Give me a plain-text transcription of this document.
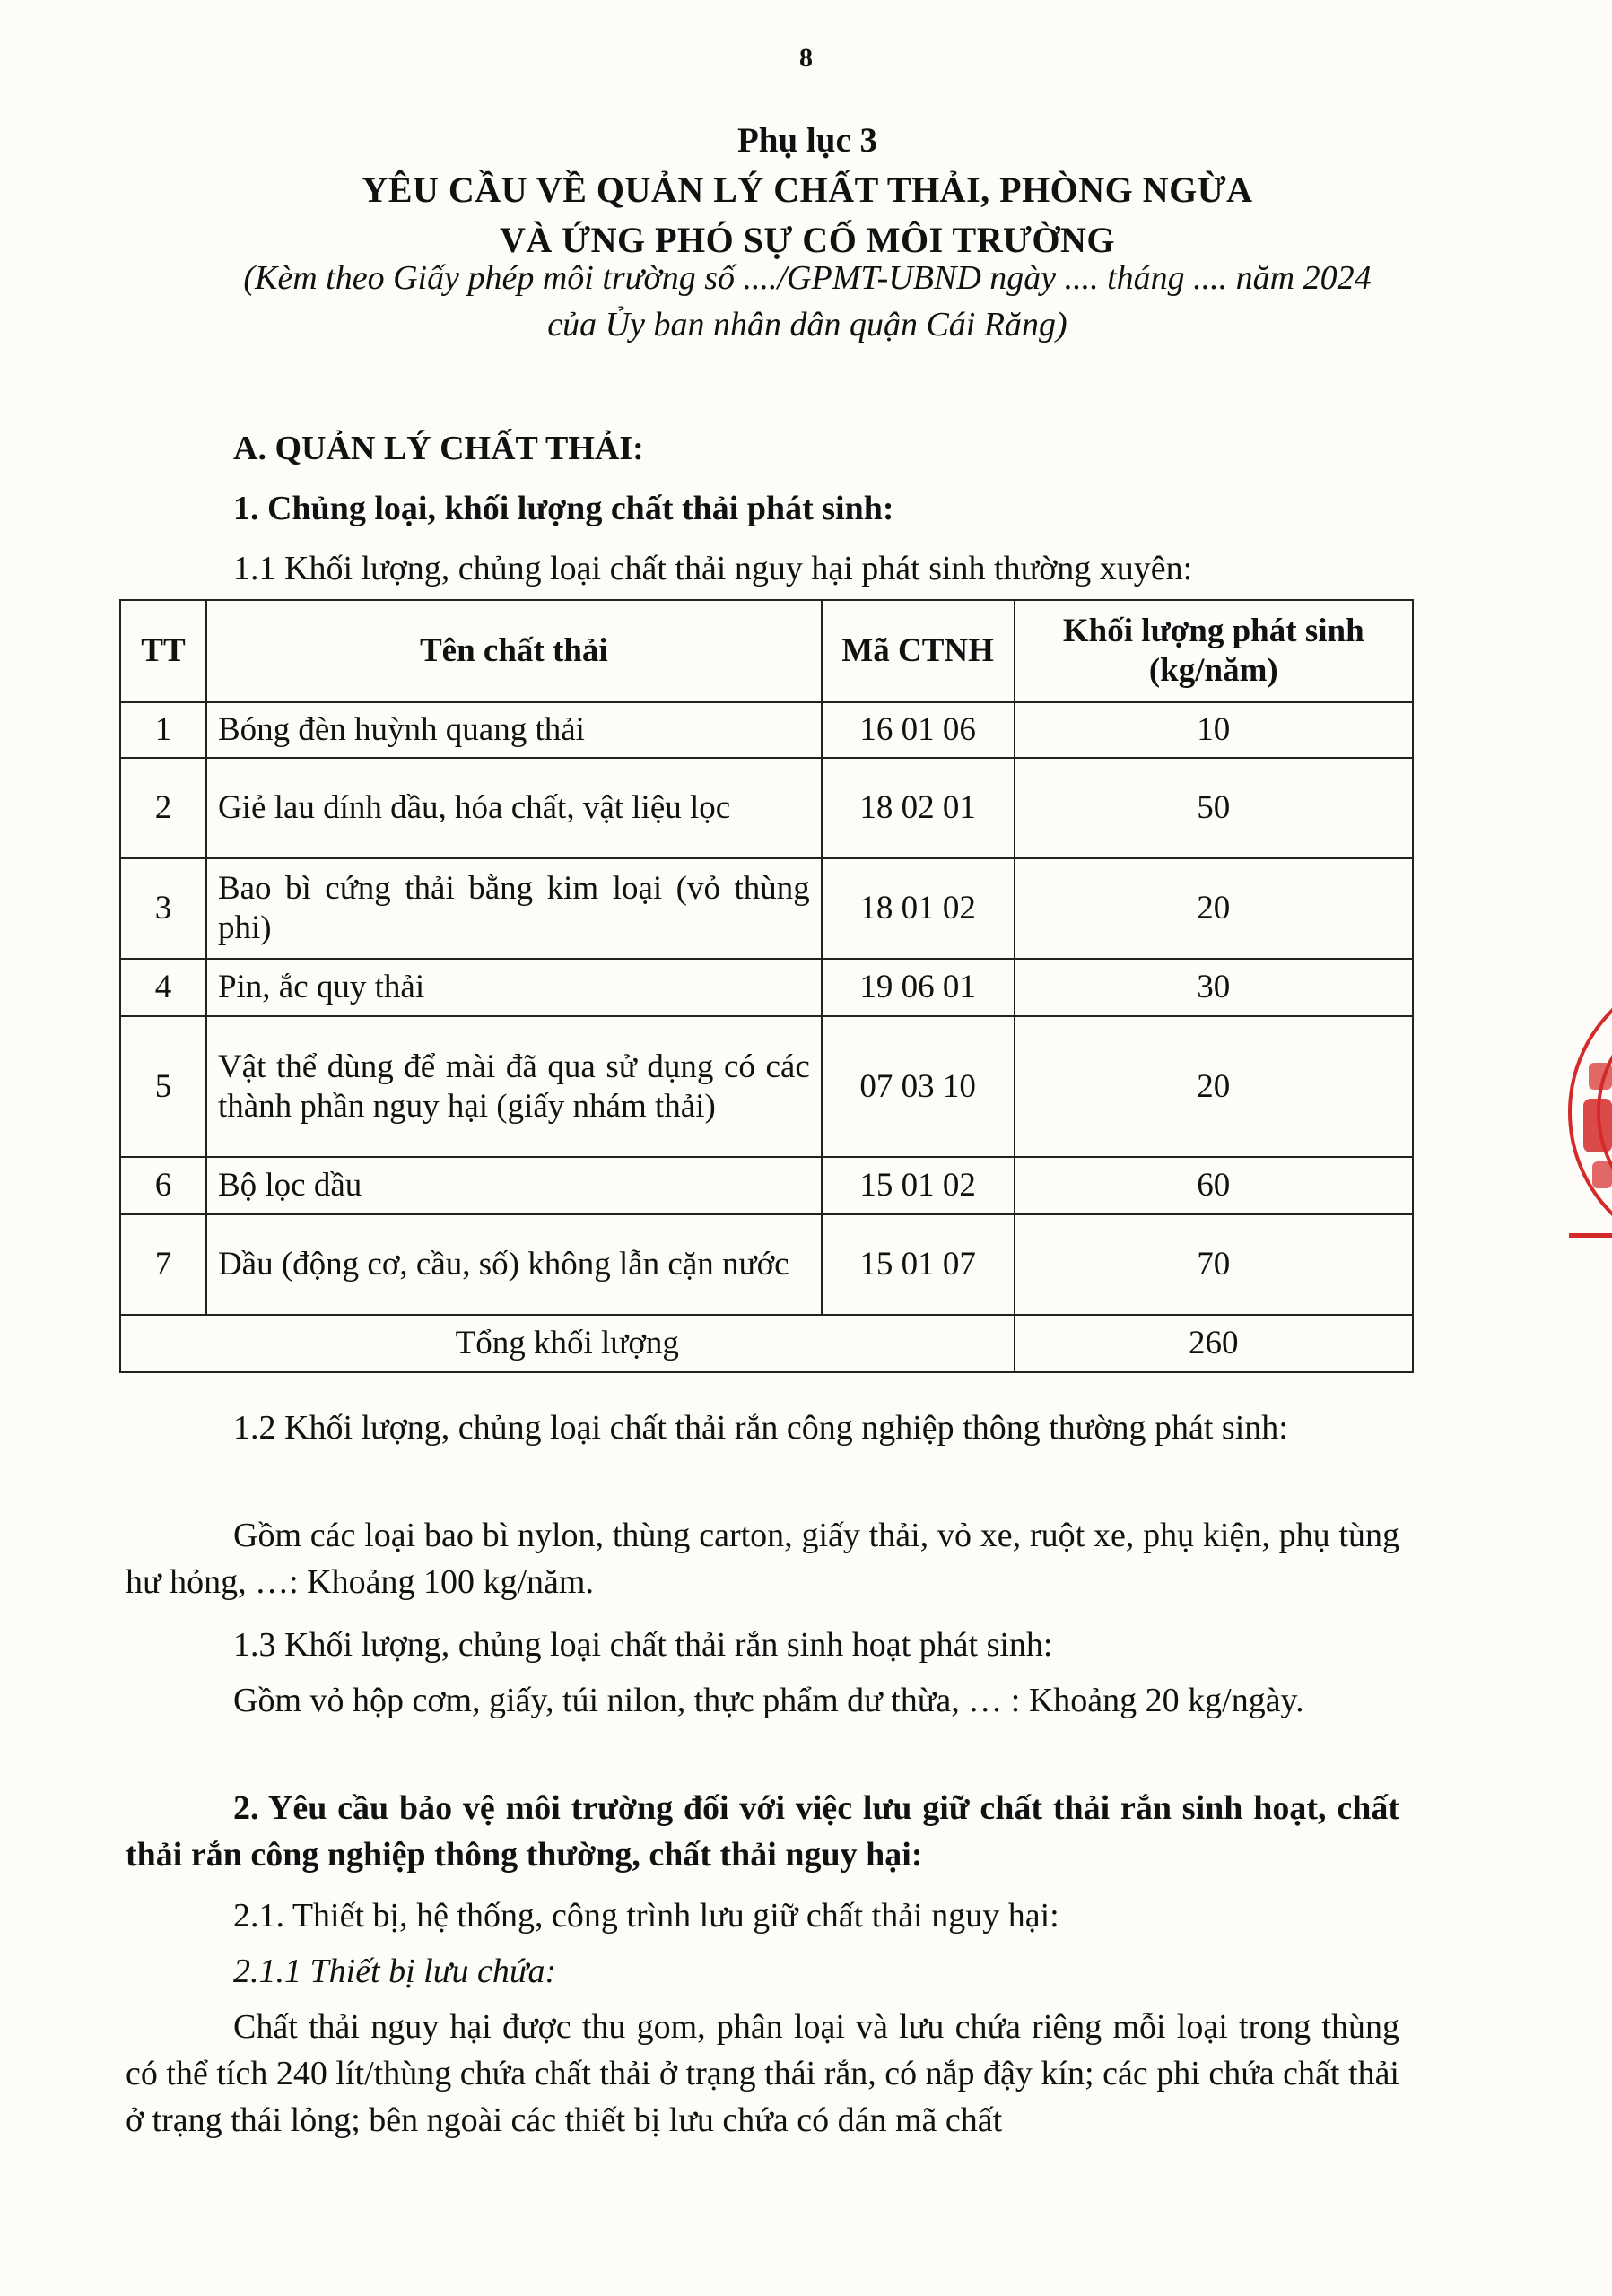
8
Phụ lục 3
YÊU CẦU VỀ QUẢN LÝ CHẤT THẢI, PHÒNG NGỪA
VÀ ỨNG PHÓ SỰ CỐ MÔI TRƯỜNG
(Kèm theo Giấy phép môi trường số ..../GPMT-UBND ngày .... tháng .... năm 2024
của Ủy ban nhân dân quận Cái Răng)
A. QUẢN LÝ CHẤT THẢI:
1. Chủng loại, khối lượng chất thải phát sinh:
1.1 Khối lượng, chủng loại chất thải nguy hại phát sinh thường xuyên:
TT	Tên chất thải	Mã CTNH	Khối lượng phát sinh (kg/năm)
1	Bóng đèn huỳnh quang thải	16 01 06	10
2	Giẻ lau dính dầu, hóa chất, vật liệu lọc	18 02 01	50
3	Bao bì cứng thải bằng kim loại (vỏ thùng phi)	18 01 02	20
4	Pin, ắc quy thải	19 06 01	30
5	Vật thể dùng để mài đã qua sử dụng có các thành phần nguy hại (giấy nhám thải)	07 03 10	20
6	Bộ lọc dầu	15 01 02	60
7	Dầu (động cơ, cầu, số) không lẫn cặn nước	15 01 07	70
Tổng khối lượng			260
1.2 Khối lượng, chủng loại chất thải rắn công nghiệp thông thường phát sinh:
Gồm các loại bao bì nylon, thùng carton, giấy thải, vỏ xe, ruột xe, phụ kiện, phụ tùng hư hỏng, …: Khoảng 100 kg/năm.
1.3 Khối lượng, chủng loại chất thải rắn sinh hoạt phát sinh:
Gồm vỏ hộp cơm, giấy, túi nilon, thực phẩm dư thừa, … : Khoảng 20 kg/ngày.
2. Yêu cầu bảo vệ môi trường đối với việc lưu giữ chất thải rắn sinh hoạt, chất thải rắn công nghiệp thông thường, chất thải nguy hại:
2.1. Thiết bị, hệ thống, công trình lưu giữ chất thải nguy hại:
2.1.1 Thiết bị lưu chứa:
Chất thải nguy hại được thu gom, phân loại và lưu chứa riêng mỗi loại trong thùng có thể tích 240 lít/thùng chứa chất thải ở trạng thái rắn, có nắp đậy kín; các phi chứa chất thải ở trạng thái lỏng; bên ngoài các thiết bị lưu chứa có dán mã chất
